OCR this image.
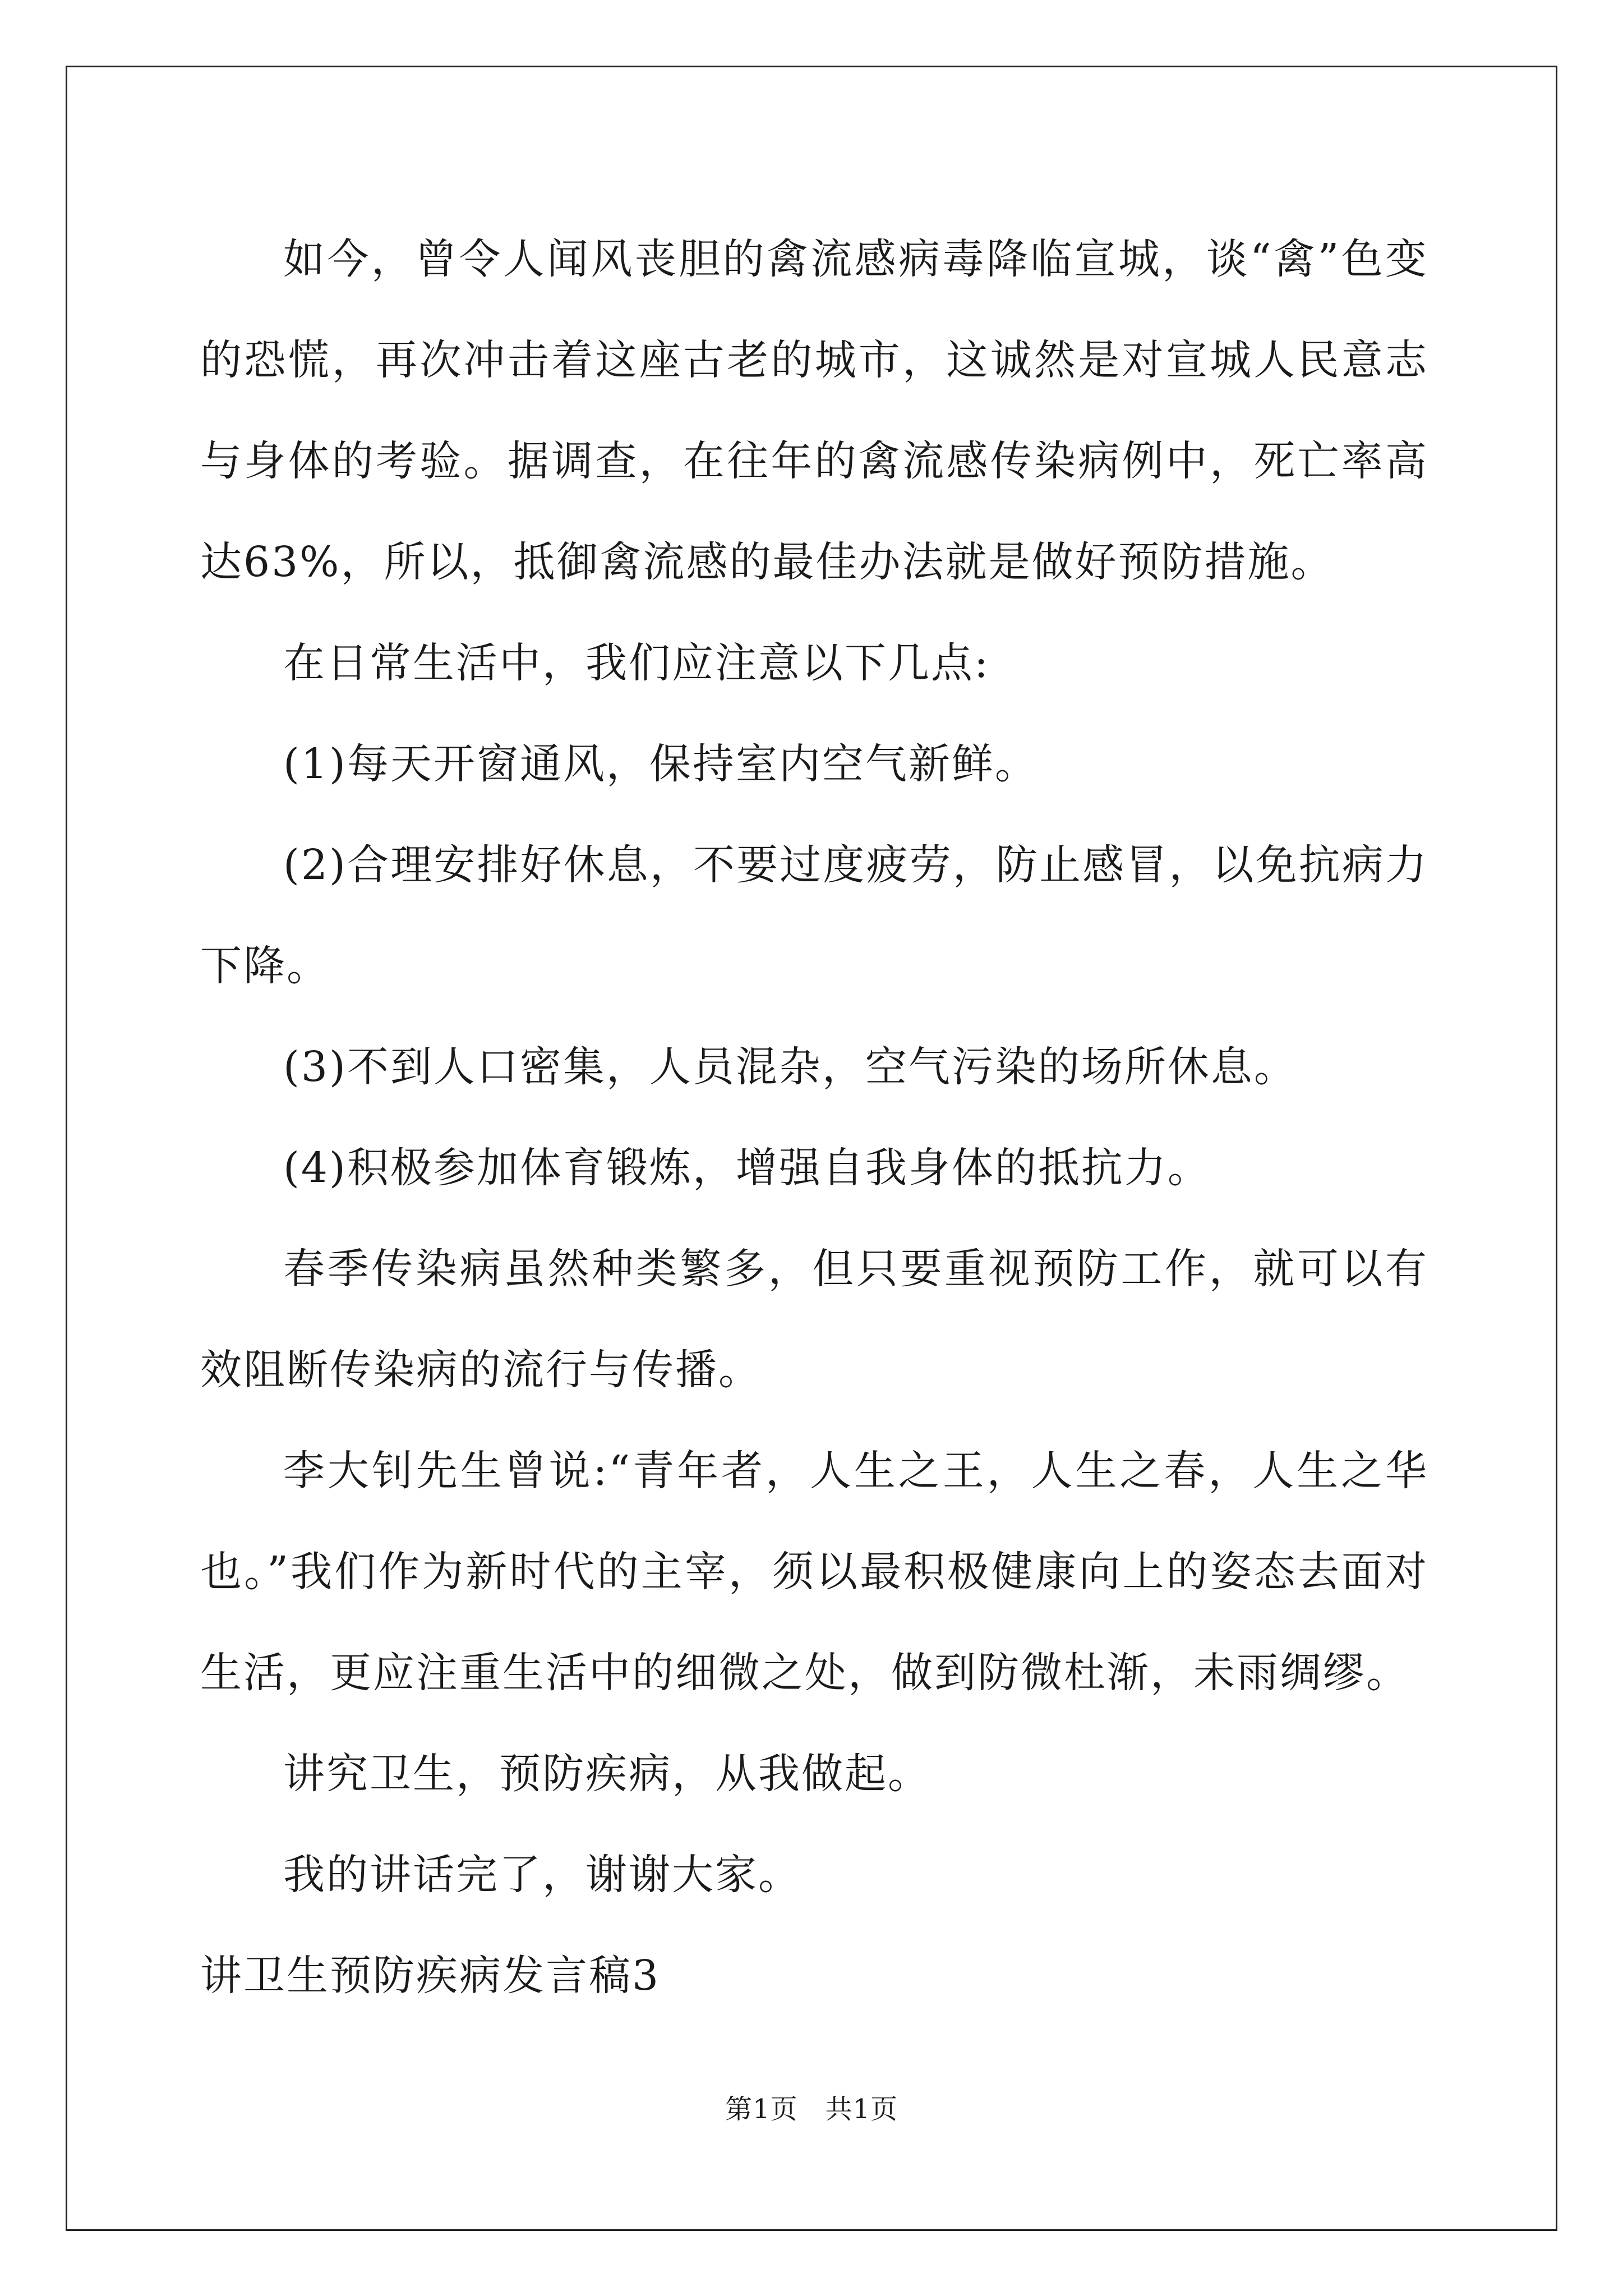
如今，曾令人闻风丧胆的禽流感病毒降临宣城，谈“禽”色变的恐慌，再次冲击着这座古老的城市，这诚然是对宣城人民意志与身体的考验。据调查，在往年的禽流感传染病例中，死亡率高达63%，所以，抵御禽流感的最佳办法就是做好预防措施。

在日常生活中，我们应注意以下几点:

(1)每天开窗通风，保持室内空气新鲜。

(2)合理安排好休息，不要过度疲劳，防止感冒，以免抗病力下降。

(3)不到人口密集，人员混杂，空气污染的场所休息。

(4)积极参加体育锻炼，增强自我身体的抵抗力。

春季传染病虽然种类繁多，但只要重视预防工作，就可以有效阻断传染病的流行与传播。

李大钊先生曾说:“青年者，人生之王，人生之春，人生之华也。”我们作为新时代的主宰，须以最积极健康向上的姿态去面对生活，更应注重生活中的细微之处，做到防微杜渐，未雨绸缪。

讲究卫生，预防疾病，从我做起。

我的讲话完了，谢谢大家。

讲卫生预防疾病发言稿3

第1页　共1页
